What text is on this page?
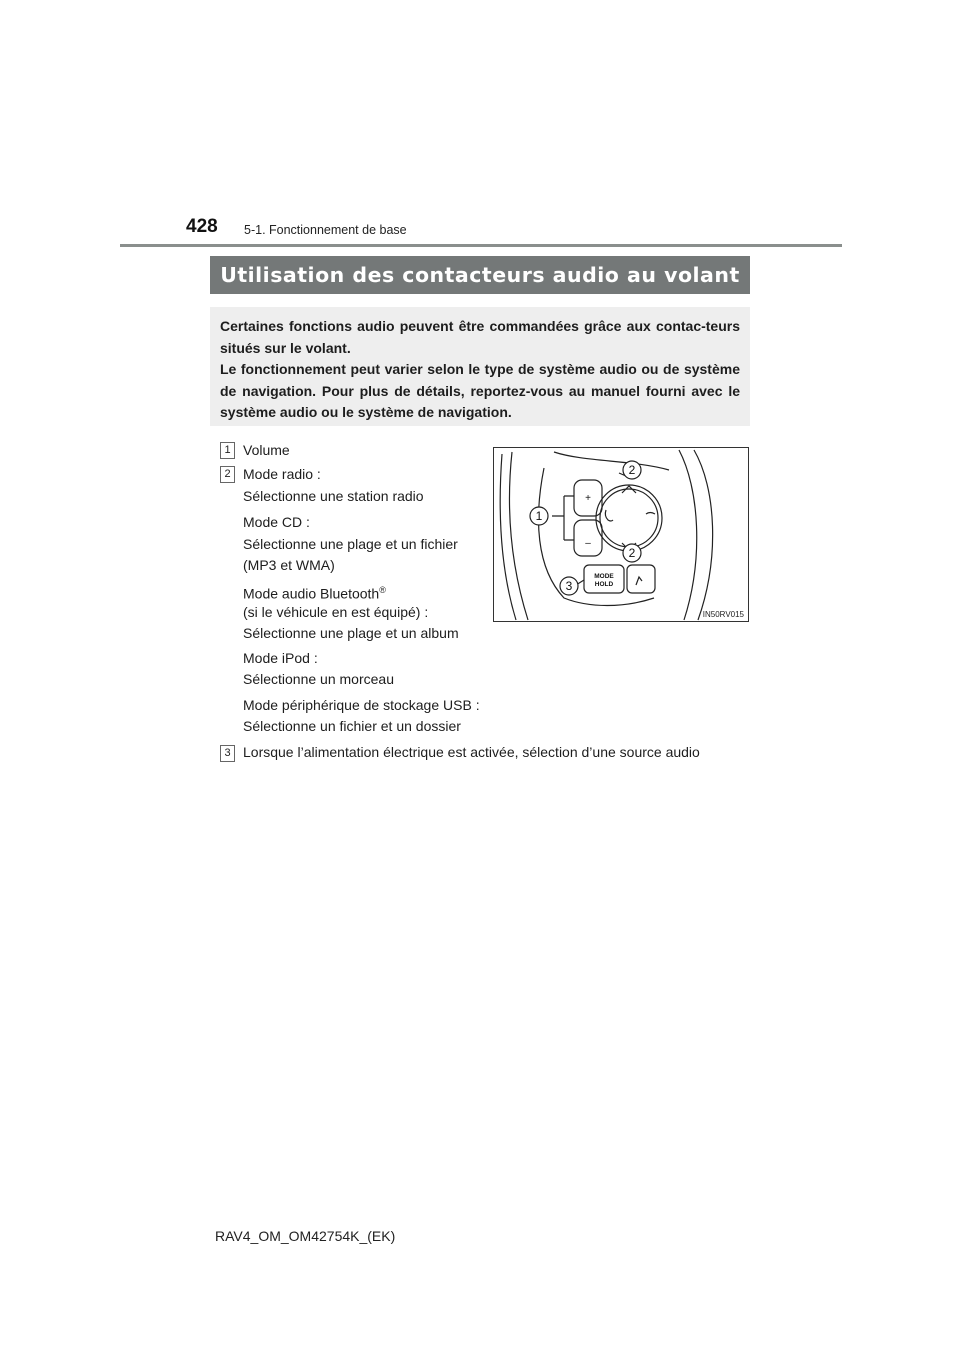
428 5-1. Fonctionnement de base
Utilisation des contacteurs audio au volant

Certaines fonctions audio peuvent être commandées grâce aux contac-teurs situés sur le volant.

Le fonctionnement peut varier selon le type de système audio ou de système de navigation. Pour plus de détails, reportez-vous au manuel fourni avec le système audio ou le système de navigation.

1 Volume
2 Mode radio :
Sélectionne une station radio
Mode CD :
Sélectionne une plage et un fichier
(MP3 et WMA)
Mode audio Bluetooth®
(si le véhicule en est équipé) :
Sélectionne une plage et un album
Mode iPod :
Sélectionne un morceau
Mode périphérique de stockage USB :
Sélectionne un fichier et un dossier
3 Lorsque l’alimentation électrique est activée, sélection d’une source audio
+
–
MODE
HOLD
2
2
1
3
IN50RV015
RAV4_OM_OM42754K_(EK)
